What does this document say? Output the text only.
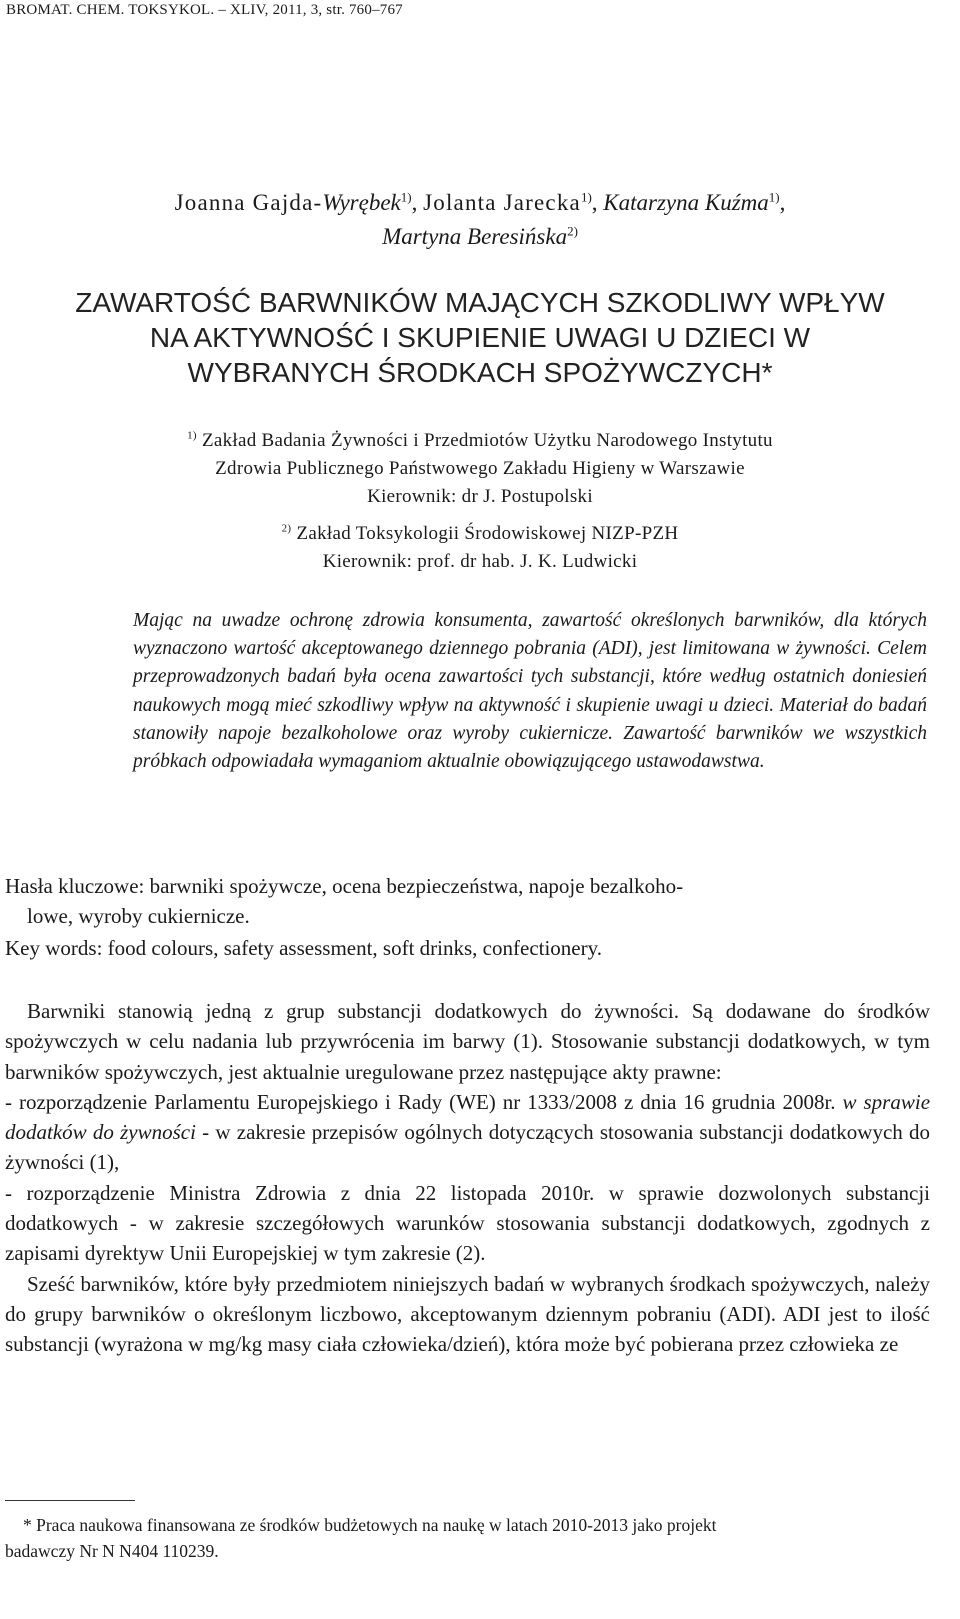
BROMAT. CHEM. TOKSYKOL. – XLIV, 2011, 3, str. 760–767
Joanna Gajda-Wyrębek$^{1)}$, Jolanta Jarecka$^{1)}$, Katarzyna Kuźma$^{1)}$,
Martyna Beresińska$^{2)}$
ZAWARTOŚĆ BARWNIKÓW MAJĄCYCH SZKODLIWY WPŁYW
NA AKTYWNOŚĆ I SKUPIENIE UWAGI U DZIECI W
WYBRANYCH ŚRODKACH SPOŻYWCZYCH*
$^{1)}$ Zakład Badania Żywności i Przedmiotów Użytku Narodowego Instytutu
Zdrowia Publicznego Państwowego Zakładu Higieny w Warszawie
Kierownik: dr J. Postupolski
$^{2)}$ Zakład Toksykologii Środowiskowej NIZP-PZH
Kierownik: prof. dr hab. J. K. Ludwicki
Mając na uwadze ochronę zdrowia konsumenta, zawartość określonych barwników, dla których wyznaczono wartość akceptowanego dziennego pobrania (ADI), jest limitowana w żywności. Celem przeprowadzonych badań była ocena zawartości tych substancji, które według ostatnich doniesień naukowych mogą mieć szkodliwy wpływ na aktywność i skupienie uwagi u dzieci. Materiał do badań stanowiły napoje bezalkoholowe oraz wyroby cukiernicze. Zawartość barwników we wszystkich próbkach odpowiadała wymaganiom aktualnie obowiązującego ustawodawstwa.
Hasła kluczowe: barwniki spożywcze, ocena bezpieczeństwa, napoje bezalkoho-
lowe, wyroby cukiernicze.
Key words: food colours, safety assessment, soft drinks, confectionery.

Barwniki stanowią jedną z grup substancji dodatkowych do żywności. Są dodawane do środków spożywczych w celu nadania lub przywrócenia im barwy (1). Stosowanie substancji dodatkowych, w tym barwników spożywczych, jest aktualnie uregulowane przez następujące akty prawne:

- rozporządzenie Parlamentu Europejskiego i Rady (WE) nr 1333/2008 z dnia 16 grudnia 2008r. w sprawie dodatków do żywności - w zakresie przepisów ogólnych dotyczących stosowania substancji dodatkowych do żywności (1),

- rozporządzenie Ministra Zdrowia z dnia 22 listopada 2010r. w sprawie dozwolonych substancji dodatkowych - w zakresie szczegółowych warunków stosowania substancji dodatkowych, zgodnych z zapisami dyrektyw Unii Europejskiej w tym zakresie (2).

Sześć barwników, które były przedmiotem niniejszych badań w wybranych środkach spożywczych, należy do grupy barwników o określonym liczbowo, akceptowanym dziennym pobraniu (ADI). ADI jest to ilość substancji (wyrażona w mg/kg masy ciała człowieka/dzień), która może być pobierana przez człowieka ze

* Praca naukowa finansowana ze środków budżetowych na naukę w latach 2010-2013 jako projekt
badawczy Nr N N404 110239.
